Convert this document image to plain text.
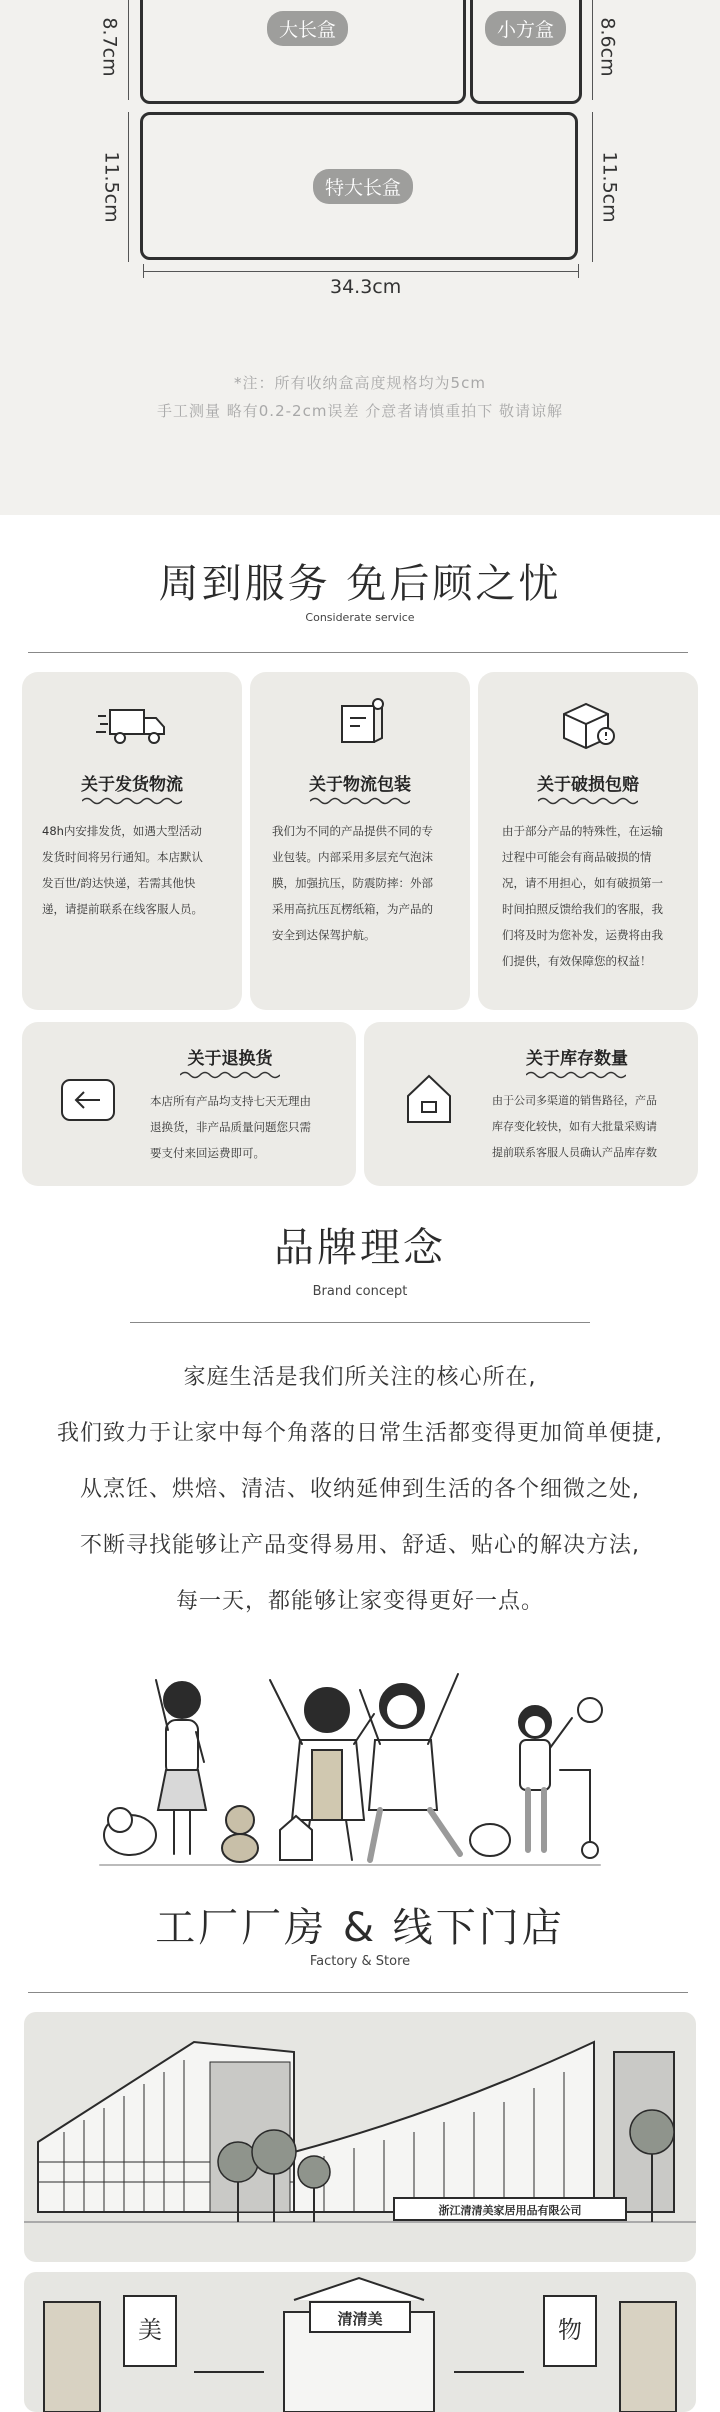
大长盒	小方盒
特大长盒
8.7cm
11.5cm
8.6cm
11.5cm
34.3cm
*注：所有收纳盒高度规格均为5cm
手工测量 略有0.2-2cm误差 介意者请慎重拍下 敬请谅解
周到服务 免后顾之忧
Considerate service
关于发货物流
48h内安排发货，如遇大型活动
发货时间将另行通知。本店默认
发百世/韵达快递，若需其他快
递，请提前联系在线客服人员。
关于物流包装
我们为不同的产品提供不同的专
业包装。内部采用多层充气泡沫
膜，加强抗压，防震防摔：外部
采用高抗压瓦楞纸箱，为产品的
安全到达保驾护航。
关于破损包赔
由于部分产品的特殊性，在运输
过程中可能会有商品破损的情
况，请不用担心，如有破损第一
时间拍照反馈给我们的客服，我
们将及时为您补发，运费将由我
们提供，有效保障您的权益！
关于退换货
本店所有产品均支持七天无理由
退换货，非产品质量问题您只需
要支付来回运费即可。
关于库存数量
由于公司多渠道的销售路径，产品
库存变化较快，如有大批量采购请
提前联系客服人员确认产品库存数
品牌理念
Brand concept
家庭生活是我们所关注的核心所在,
我们致力于让家中每个角落的日常生活都变得更加简单便捷,
从烹饪、烘焙、清洁、收纳延伸到生活的各个细微之处,
不断寻找能够让产品变得易用、舒适、贴心的解决方法,
每一天，都能够让家变得更好一点。
工厂厂房 & 线下门店
Factory & Store
浙江清清美家居用品有限公司
清清美
美	物
